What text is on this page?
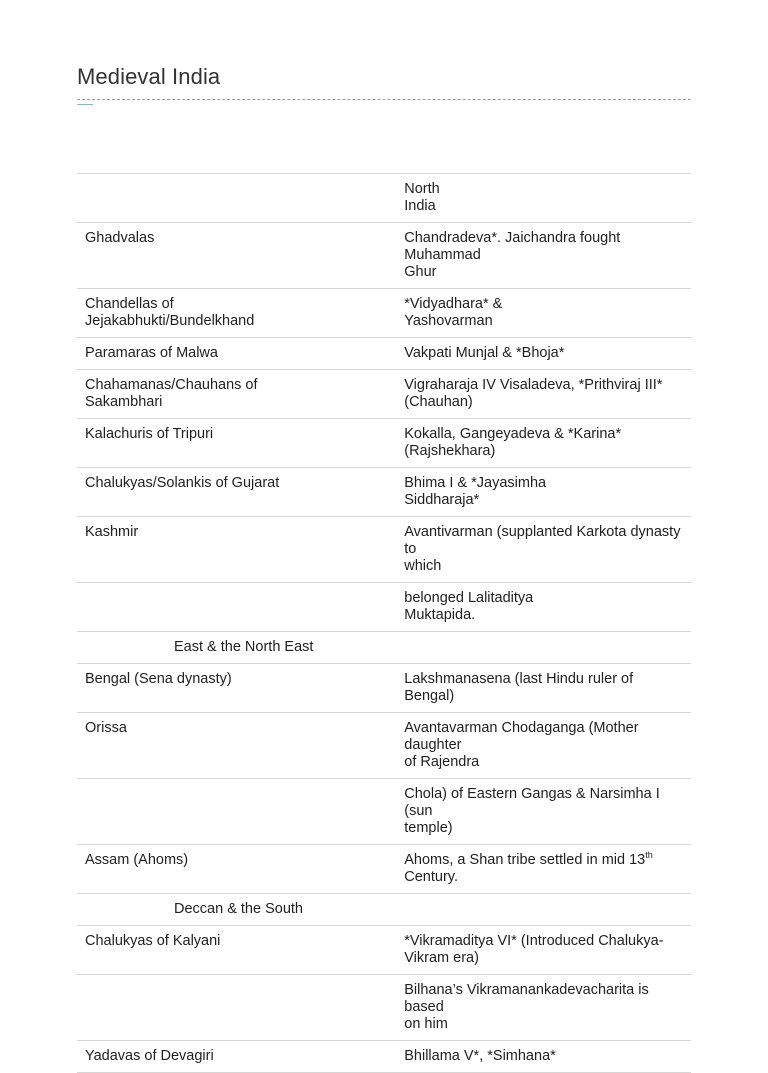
Medieval India

	North
India

Ghadvalas	Chandradeva*. Jaichandra fought Muhammad
Ghur

Chandellas of
Jejakabhukti/Bundelkhand	*Vidyadhara* &
Yashovarman

Paramaras of Malwa	Vakpati Munjal & *Bhoja*

Chahamanas/Chauhans of
Sakambhari	Vigraharaja IV Visaladeva, *Prithviraj III*
(Chauhan)

Kalachuris of Tripuri	Kokalla, Gangeyadeva & *Karina*
(Rajshekhara)

Chalukyas/Solankis of Gujarat	Bhima I & *Jayasimha
Siddharaja*

Kashmir	Avantivarman (supplanted Karkota dynasty to
which

	belonged Lalitaditya
Muktapida.

East & the North East	

Bengal (Sena dynasty)	Lakshmanasena (last Hindu ruler of Bengal)

Orissa	Avantavarman Chodaganga (Mother daughter
of Rajendra

	Chola) of Eastern Gangas & Narsimha I (sun
temple)

Assam (Ahoms)	Ahoms, a Shan tribe settled in mid 13th
Century.

Deccan & the South	

Chalukyas of Kalyani	*Vikramaditya VI* (Introduced Chalukya-
Vikram era)

	Bilhana’s Vikramanankadevacharita is based
on him

Yadavas of Devagiri	Bhillama V*, *Simhana*
